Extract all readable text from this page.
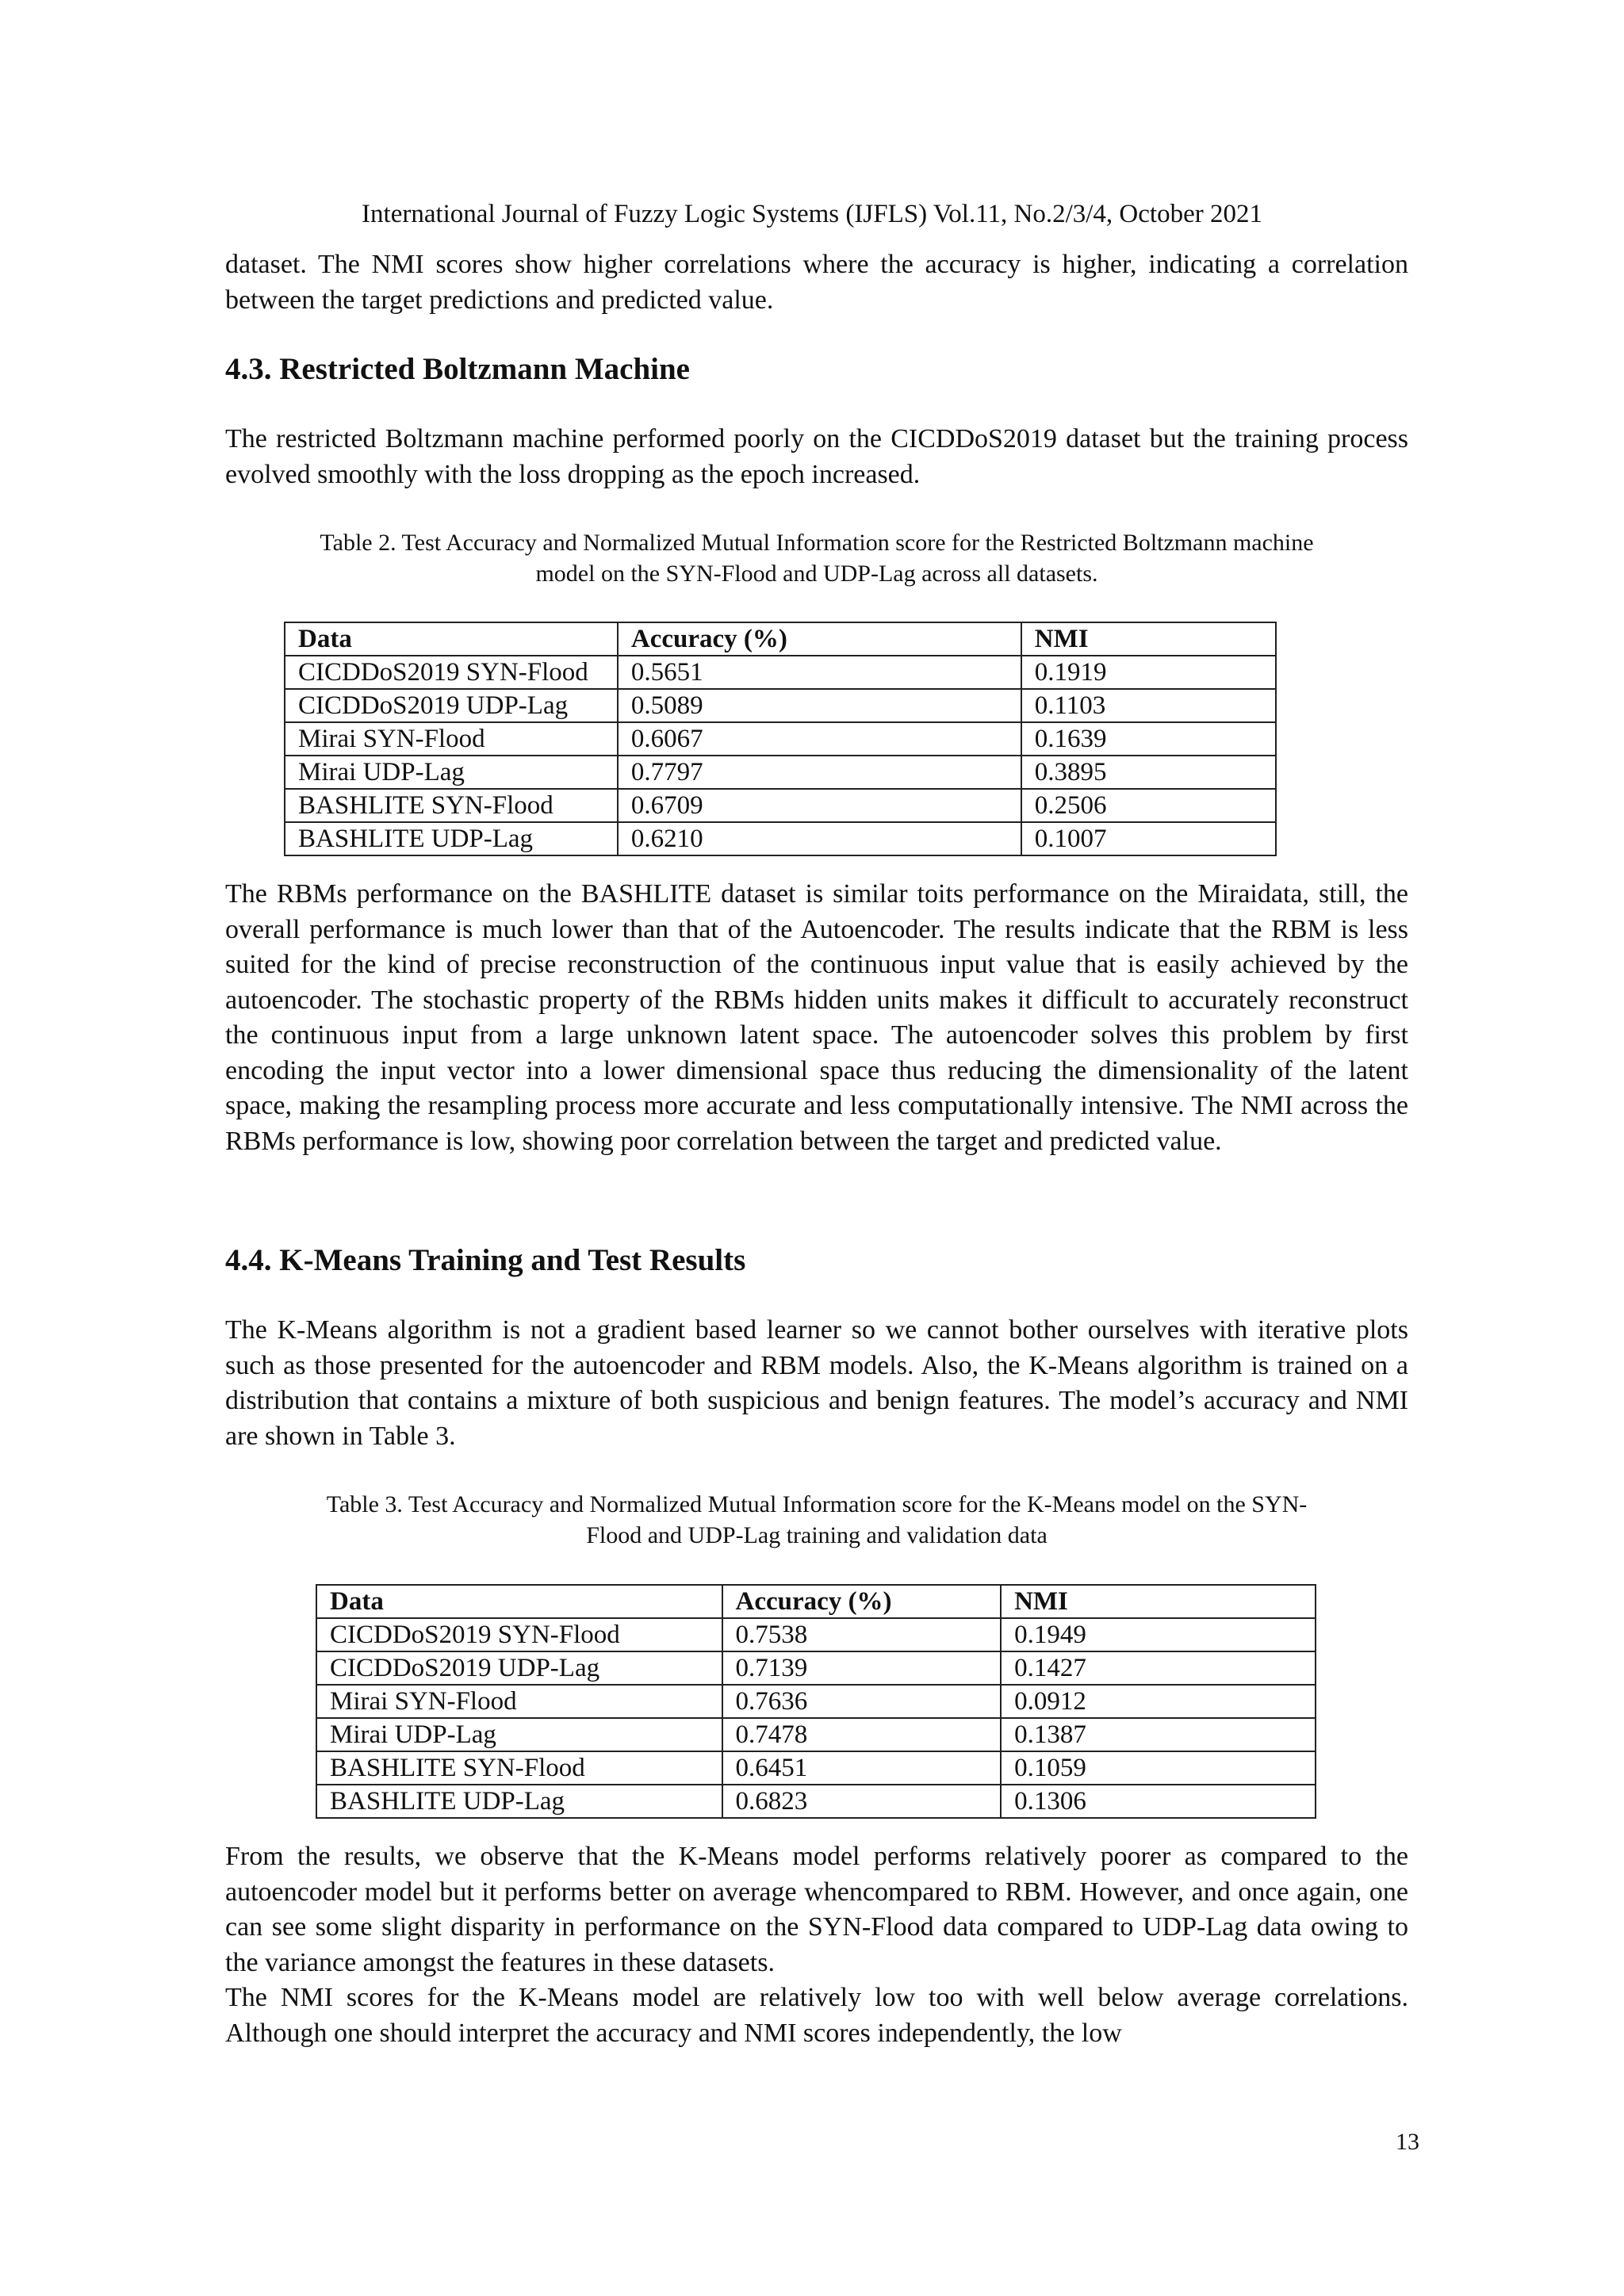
International Journal of Fuzzy Logic Systems (IJFLS) Vol.11, No.2/3/4, October 2021

dataset. The NMI scores show higher correlations where the accuracy is higher, indicating a correlation between the target predictions and predicted value.

4.3. Restricted Boltzmann Machine

The restricted Boltzmann machine performed poorly on the CICDDoS2019 dataset but the training process evolved smoothly with the loss dropping as the epoch increased.

Table 2. Test Accuracy and Normalized Mutual Information score for the Restricted Boltzmann machine

model on the SYN-Flood and UDP-Lag across all datasets.

Data	Accuracy (%)	NMI
CICDDoS2019 SYN-Flood	0.5651	0.1919
CICDDoS2019 UDP-Lag	0.5089	0.1103
Mirai SYN-Flood	0.6067	0.1639
Mirai UDP-Lag	0.7797	0.3895
BASHLITE SYN-Flood	0.6709	0.2506
BASHLITE UDP-Lag	0.6210	0.1007

The RBMs performance on the BASHLITE dataset is similar toits performance on the Miraidata, still, the overall performance is much lower than that of the Autoencoder. The results indicate that the RBM is less suited for the kind of precise reconstruction of the continuous input value that is easily achieved by the autoencoder. The stochastic property of the RBMs hidden units makes it difficult to accurately reconstruct the continuous input from a large unknown latent space. The autoencoder solves this problem by first encoding the input vector into a lower dimensional space thus reducing the dimensionality of the latent space, making the resampling process more accurate and less computationally intensive. The NMI across the RBMs performance is low, showing poor correlation between the target and predicted value.

4.4. K-Means Training and Test Results

The K-Means algorithm is not a gradient based learner so we cannot bother ourselves with iterative plots such as those presented for the autoencoder and RBM models. Also, the K-Means algorithm is trained on a distribution that contains a mixture of both suspicious and benign features. The model’s accuracy and NMI are shown in Table 3.

Table 3. Test Accuracy and Normalized Mutual Information score for the K-Means model on the SYN-

Flood and UDP-Lag training and validation data

Data	Accuracy (%)	NMI
CICDDoS2019 SYN-Flood	0.7538	0.1949
CICDDoS2019 UDP-Lag	0.7139	0.1427
Mirai SYN-Flood	0.7636	0.0912
Mirai UDP-Lag	0.7478	0.1387
BASHLITE SYN-Flood	0.6451	0.1059
BASHLITE UDP-Lag	0.6823	0.1306

From the results, we observe that the K-Means model performs relatively poorer as compared to the autoencoder model but it performs better on average whencompared to RBM. However, and once again, one can see some slight disparity in performance on the SYN-Flood data compared to UDP-Lag data owing to the variance amongst the features in these datasets.

The NMI scores for the K-Means model are relatively low too with well below average correlations. Although one should interpret the accuracy and NMI scores independently, the low

13
